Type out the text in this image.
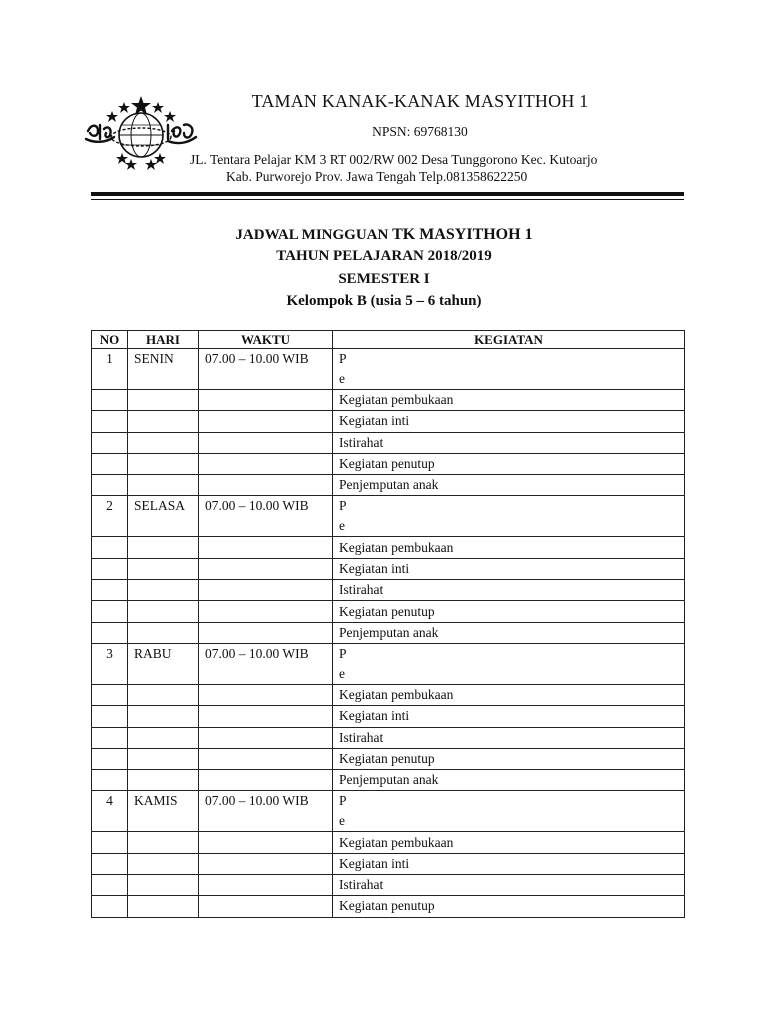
TAMAN KANAK-KANAK MASYITHOH 1
NPSN: 69768130
JL. Tentara Pelajar KM 3 RT 002/RW 002 Desa Tunggorono Kec. Kutoarjo
Kab. Purworejo Prov. Jawa Tengah Telp.081358622250
JADWAL MINGGUAN TK MASYITHOH 1
TAHUN PELAJARAN 2018/2019
SEMESTER I
Kelompok B (usia 5 – 6 tahun)
NO	HARI	WAKTU	KEGIATAN
1	SENIN	07.00 – 10.00 WIB	P
e

			Kegiatan pembukaan
			Kegiatan inti
			Istirahat
			Kegiatan penutup
			Penjemputan anak
2	SELASA	07.00 – 10.00 WIB	P
e

			Kegiatan pembukaan
			Kegiatan inti
			Istirahat
			Kegiatan penutup
			Penjemputan anak
3	RABU	07.00 – 10.00 WIB	P
e

			Kegiatan pembukaan
			Kegiatan inti
			Istirahat
			Kegiatan penutup
			Penjemputan anak
4	KAMIS	07.00 – 10.00 WIB	P
e

			Kegiatan pembukaan
			Kegiatan inti
			Istirahat
			Kegiatan penutup
